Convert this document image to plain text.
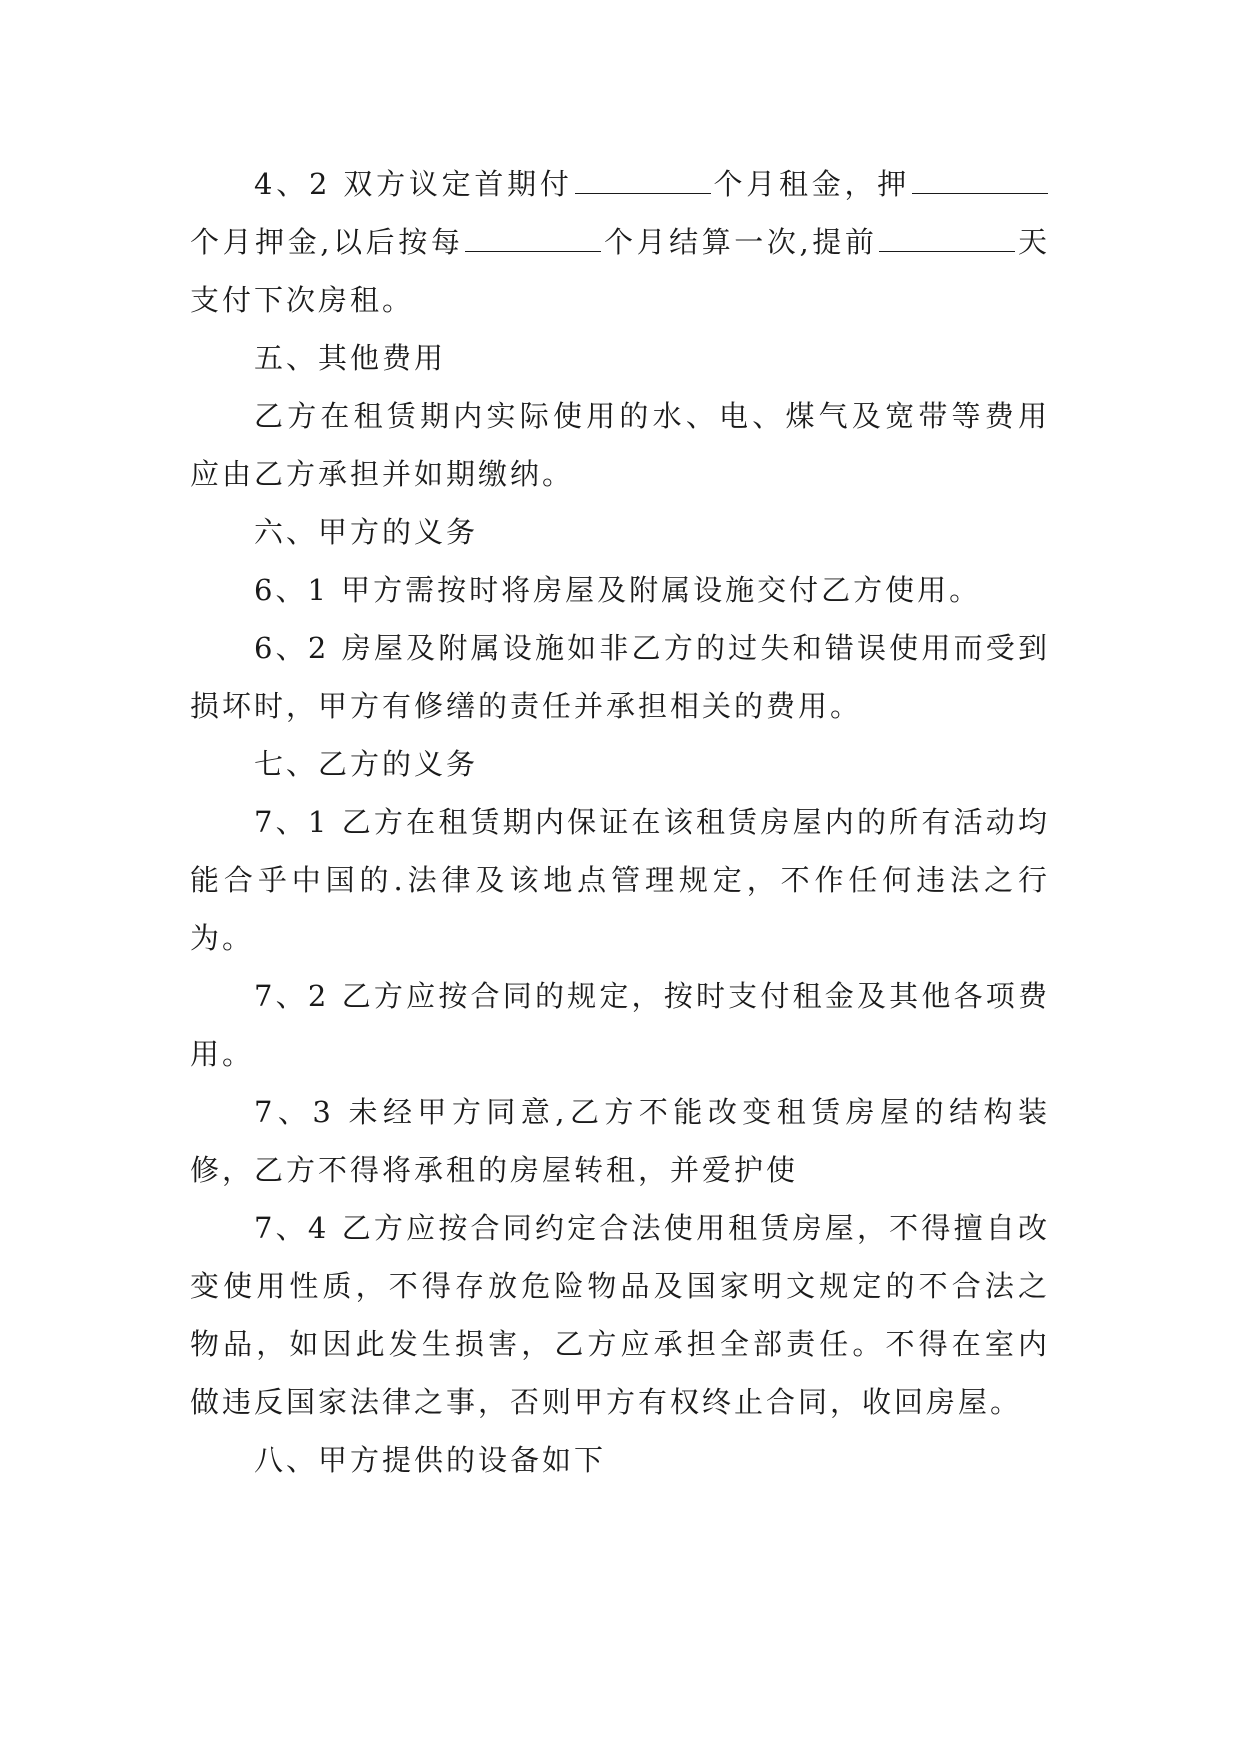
4、2 双方议定首期付	个月租金，押个月押金,以后按每	个月结算一次,提前	天支付下次房租。

五、其他费用

乙方在租赁期内实际使用的水、电、煤气及宽带等费用应由乙方承担并如期缴纳。

六、甲方的义务

6、1 甲方需按时将房屋及附属设施交付乙方使用。

6、2 房屋及附属设施如非乙方的过失和错误使用而受到损坏时，甲方有修缮的责任并承担相关的费用。

七、乙方的义务

7、1 乙方在租赁期内保证在该租赁房屋内的所有活动均能合乎中国的.法律及该地点管理规定，不作任何违法之行为。

7、2 乙方应按合同的规定，按时支付租金及其他各项费用。

7、3 未经甲方同意,乙方不能改变租赁房屋的结构装修，乙方不得将承租的房屋转租，并爱护使

7、4 乙方应按合同约定合法使用租赁房屋，不得擅自改变使用性质，不得存放危险物品及国家明文规定的不合法之物品，如因此发生损害，乙方应承担全部责任。不得在室内做违反国家法律之事，否则甲方有权终止合同，收回房屋。

八、甲方提供的设备如下
